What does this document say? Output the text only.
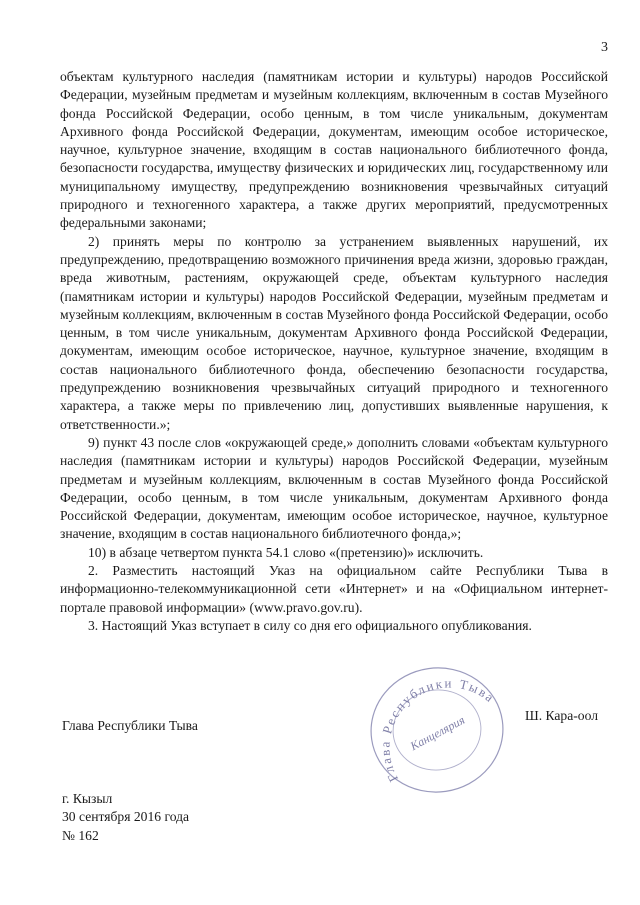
3

объектам культурного наследия (памятникам истории и культуры) народов Российской Федерации, музейным предметам и музейным коллекциям, включенным в состав Музейного фонда Российской Федерации, особо ценным, в том числе уникальным, документам Архивного фонда Российской Федерации, документам, имеющим особое историческое, научное, культурное значение, входящим в состав национального библиотечного фонда, безопасности государства, имуществу физических и юридических лиц, государственному или муниципальному имуществу, предупреждению возникновения чрезвычайных ситуаций природного и техногенного характера, а также других мероприятий, предусмотренных федеральными законами;

2) принять меры по контролю за устранением выявленных нарушений, их предупреждению, предотвращению возможного причинения вреда жизни, здоровью граждан, вреда животным, растениям, окружающей среде, объектам культурного наследия (памятникам истории и культуры) народов Российской Федерации, музейным предметам и музейным коллекциям, включенным в состав Музейного фонда Российской Федерации, особо ценным, в том числе уникальным, документам Архивного фонда Российской Федерации, документам, имеющим особое историческое, научное, культурное значение, входящим в состав национального библиотечного фонда, обеспечению безопасности государства, предупреждению возникновения чрезвычайных ситуаций природного и техногенного характера, а также меры по привлечению лиц, допустивших выявленные нарушения, к ответственности.»;

9) пункт 43 после слов «окружающей среде,» дополнить словами «объектам культурного наследия (памятникам истории и культуры) народов Российской Федерации, музейным предметам и музейным коллекциям, включенным в состав Музейного фонда Российской Федерации, особо ценным, в том числе уникальным, документам Архивного фонда Российской Федерации, документам, имеющим особое историческое, научное, культурное значение, входящим в состав национального библиотечного фонда,»;

10) в абзаце четвертом пункта 54.1 слово «(претензию)» исключить.

2. Разместить настоящий Указ на официальном сайте Республики Тыва в информационно-телекоммуникационной сети «Интернет» и на «Официальном интернет-портале правовой информации» (www.pravo.gov.ru).

3. Настоящий Указ вступает в силу со дня его официального опубликования.

Глава Республики Тыва
Глава Республики Тыва
Канцелярия	Ш. Кара-оол
г. Кызыл
30 сентября 2016 года
№ 162
